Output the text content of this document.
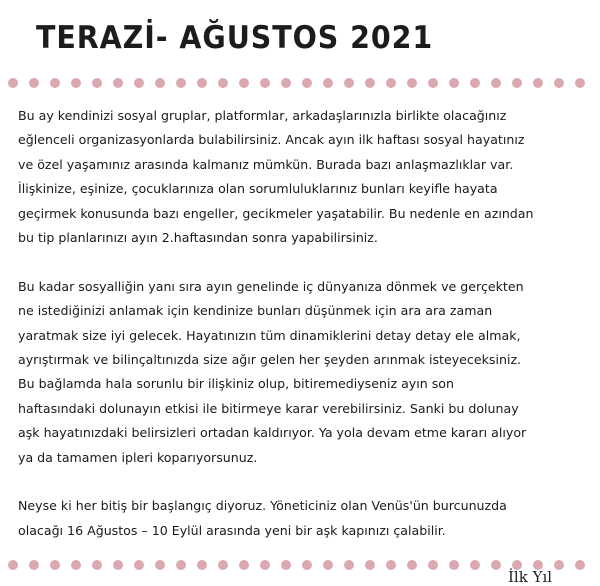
TERAZİ- AĞUSTOS 2021

Bu ay kendinizi sosyal gruplar, platformlar, arkadaşlarınızla birlikte olacağınız
eğlenceli organizasyonlarda bulabilirsiniz. Ancak ayın ilk haftası sosyal hayatınız
ve özel yaşamınız arasında kalmanız mümkün. Burada bazı anlaşmazlıklar var.
İlişkinize, eşinize, çocuklarınıza olan sorumluluklarınız bunları keyifle hayata
geçirmek konusunda bazı engeller, gecikmeler yaşatabilir. Bu nedenle en azından
bu tip planlarınızı ayın 2.haftasından sonra yapabilirsiniz.

Bu kadar sosyalliğin yanı sıra ayın genelinde iç dünyanıza dönmek ve gerçekten
ne istediğinizi anlamak için kendinize bunları düşünmek için ara ara zaman
yaratmak size iyi gelecek. Hayatınızın tüm dinamiklerini detay detay ele almak,
ayrıştırmak ve bilinçaltınızda size ağır gelen her şeyden arınmak isteyeceksiniz.
Bu bağlamda hala sorunlu bir ilişkiniz olup, bitiremediyseniz ayın son
haftasındaki dolunayın etkisi ile bitirmeye karar verebilirsiniz. Sanki bu dolunay
aşk hayatınızdaki belirsizleri ortadan kaldırıyor. Ya yola devam etme kararı alıyor
ya da tamamen ipleri koparıyorsunuz.

Neyse ki her bitiş bir başlangıç diyoruz. Yöneticiniz olan Venüs'ün burcunuzda
olacağı 16 Ağustos – 10 Eylül arasında yeni bir aşk kapınızı çalabilir.

İlk Yıl
